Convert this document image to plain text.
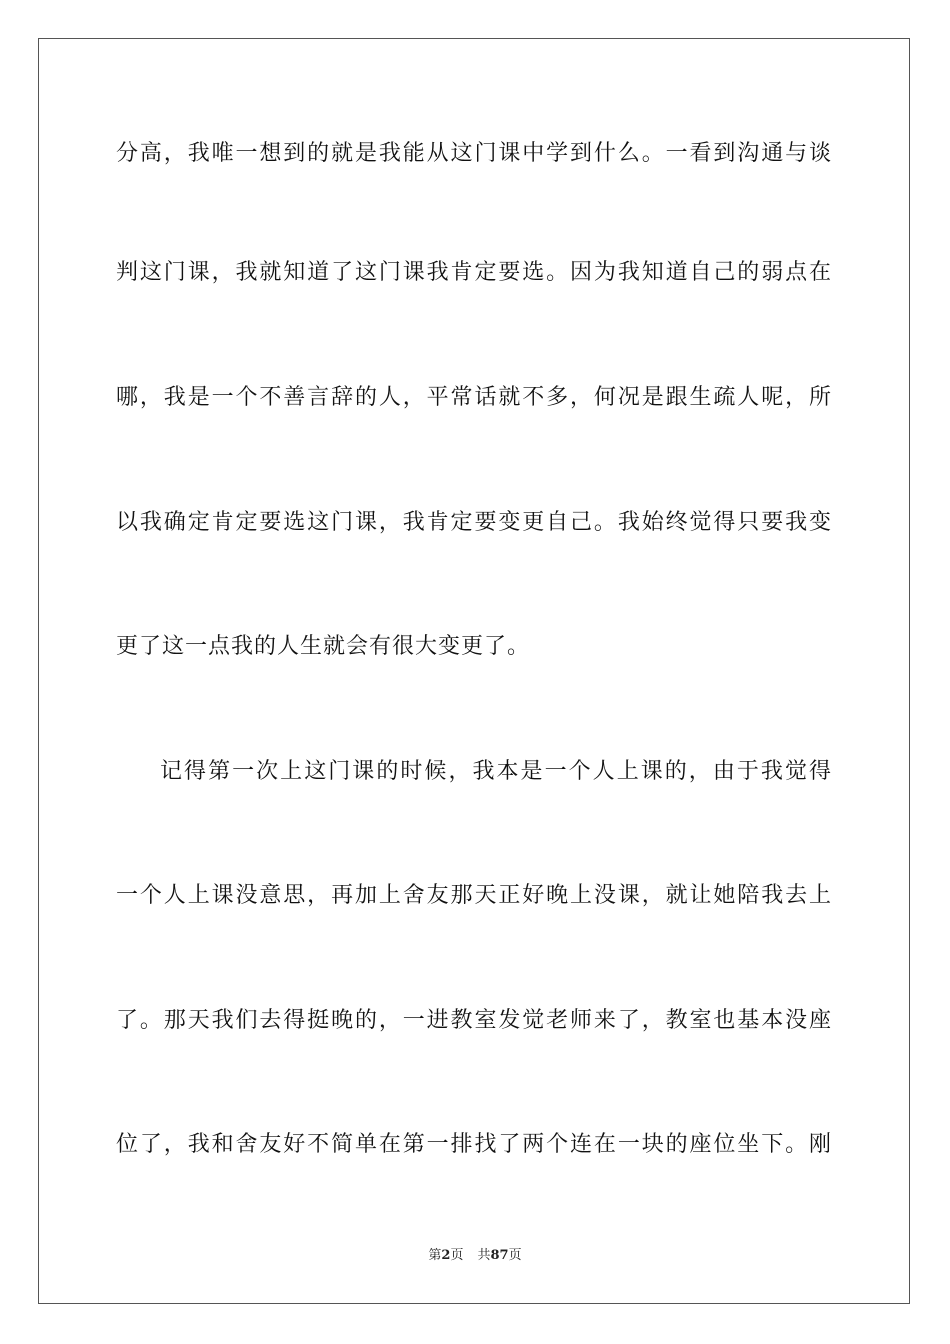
分高，我唯一想到的就是我能从这门课中学到什么。一看到沟通与谈
判这门课，我就知道了这门课我肯定要选。因为我知道自己的弱点在
哪，我是一个不善言辞的人，平常话就不多，何况是跟生疏人呢，所
以我确定肯定要选这门课，我肯定要变更自己。我始终觉得只要我变
更了这一点我的人生就会有很大变更了。
记得第一次上这门课的时候，我本是一个人上课的，由于我觉得
一个人上课没意思，再加上舍友那天正好晚上没课，就让她陪我去上
了。那天我们去得挺晚的，一进教室发觉老师来了，教室也基本没座
位了，我和舍友好不简单在第一排找了两个连在一块的座位坐下。刚
第2页 共87页
